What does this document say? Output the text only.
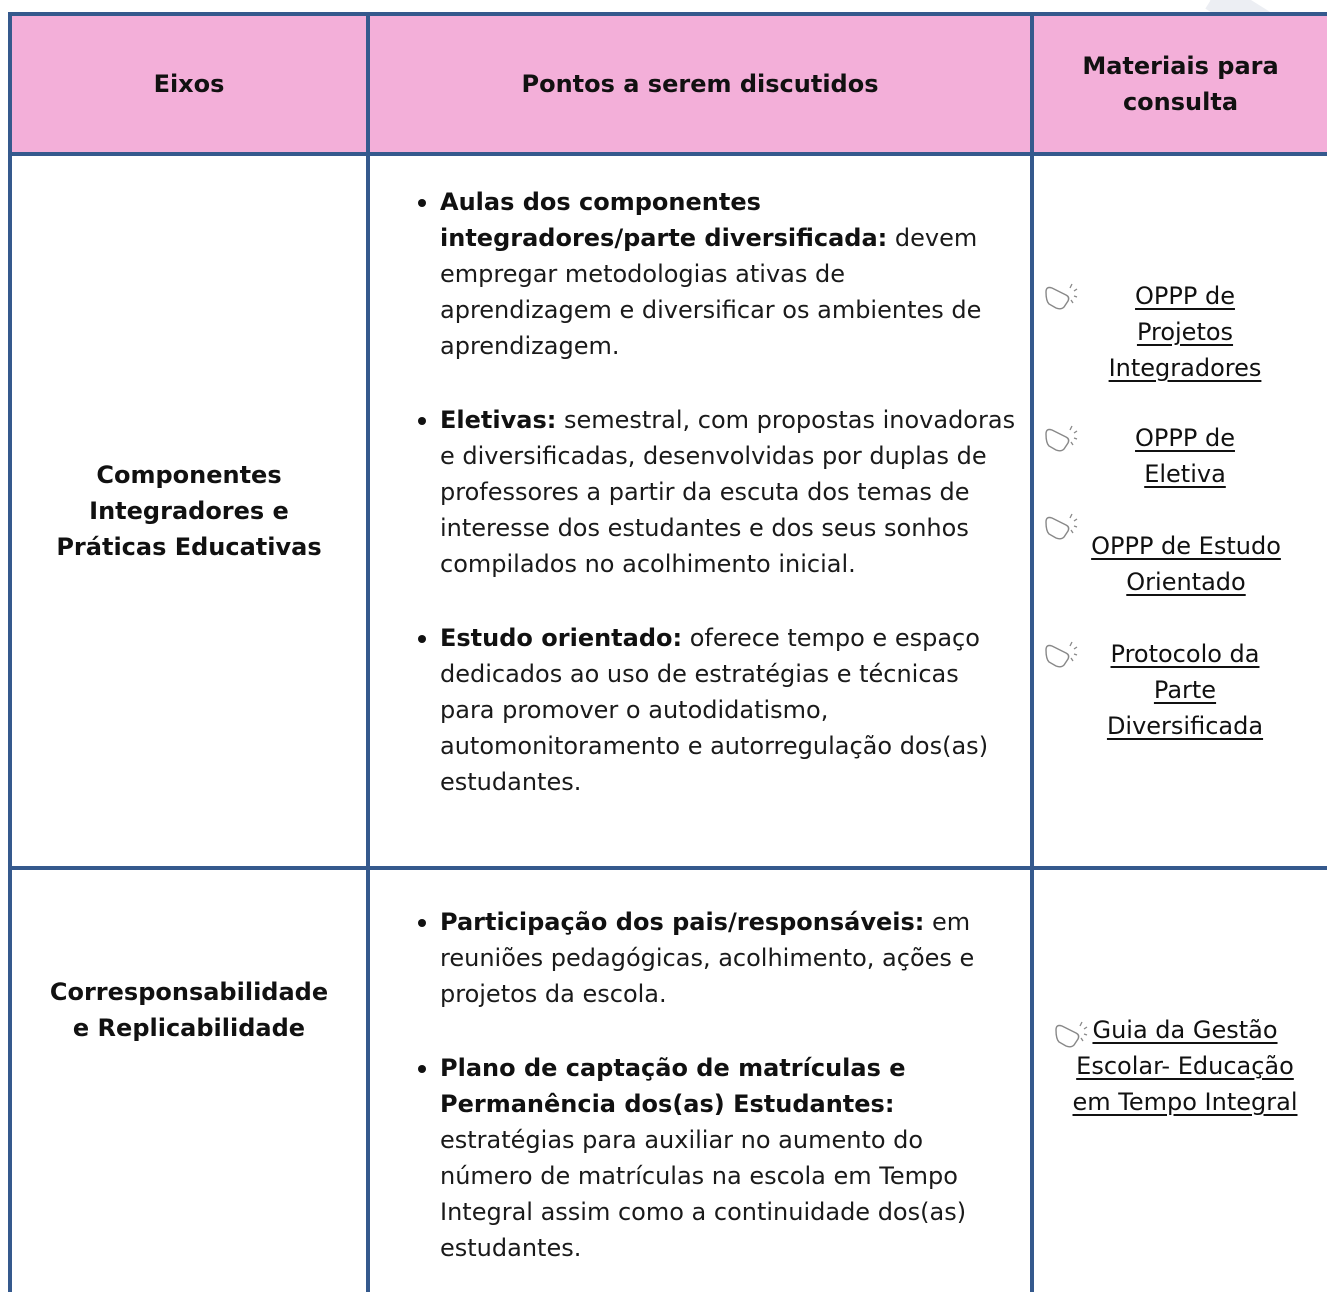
Eixos	Pontos a serem discutidos
Materiais para consulta
Componentes Integradores e Práticas Educativas
Aulas dos componentes integradores/parte diversificada: devem empregar metodologias ativas de aprendizagem e diversificar os ambientes de aprendizagem.
Eletivas: semestral, com propostas inovadoras e diversificadas, desenvolvidas por duplas de professores a partir da escuta dos temas de interesse dos estudantes e dos seus sonhos compilados no acolhimento inicial.
Estudo orientado: oferece tempo e espaço dedicados ao uso de estratégias e técnicas para promover o autodidatismo, automonitoramento e autorregulação dos(as) estudantes.
OPPP de Projetos Integradores
OPPP de Eletiva
OPPP de Estudo Orientado
Protocolo da Parte Diversificada
Corresponsabilidade e Replicabilidade
Participação dos pais/responsáveis: em reuniões pedagógicas, acolhimento, ações e projetos da escola.
Plano de captação de matrículas e Permanência dos(as) Estudantes: estratégias para auxiliar no aumento do número de matrículas na escola em Tempo Integral assim como a continuidade dos(as) estudantes.
Guia da Gestão Escolar- Educação em Tempo Integral
